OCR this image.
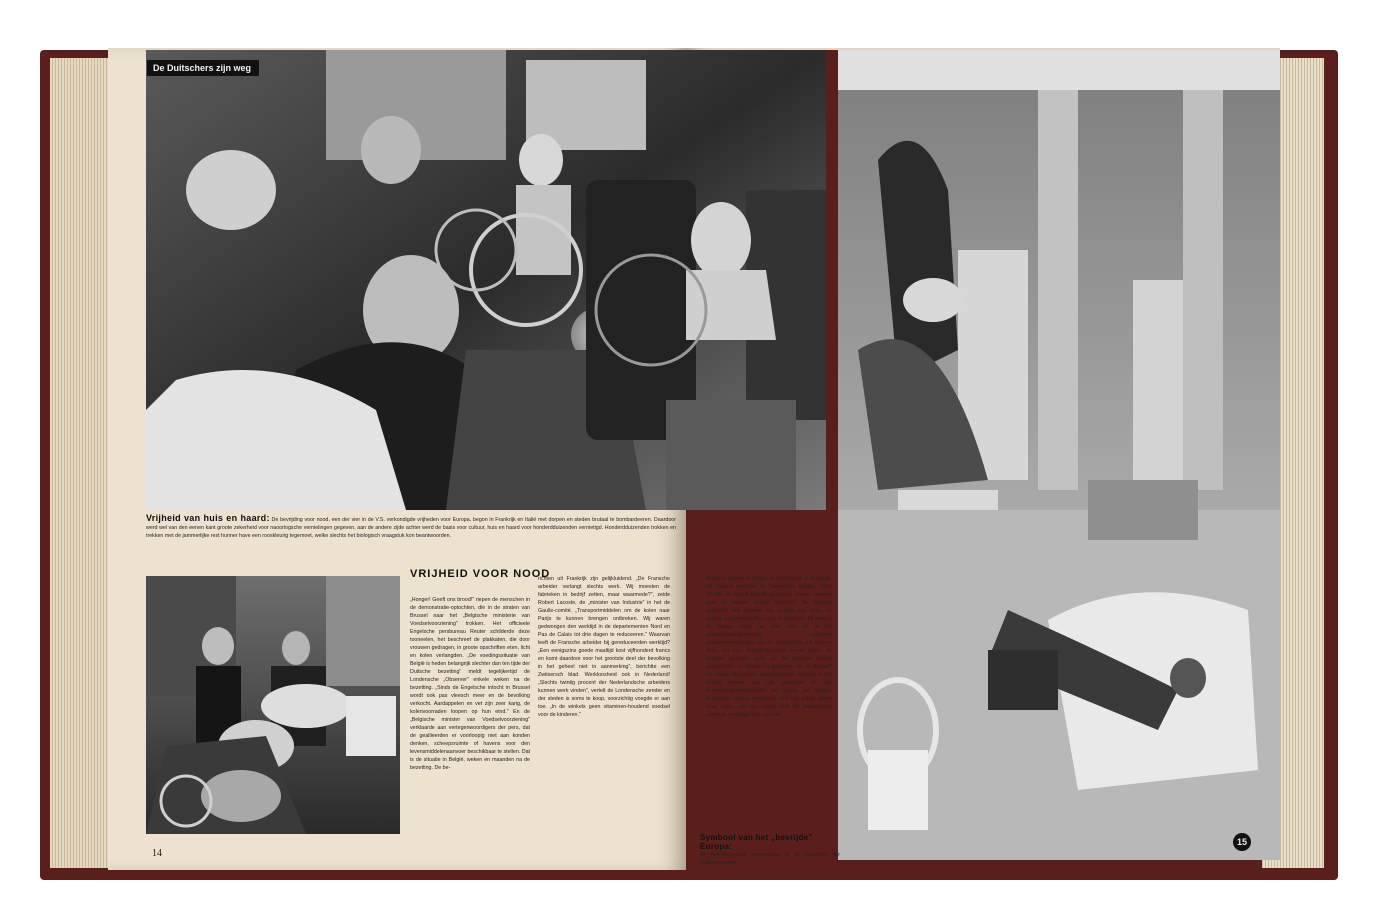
De Duitschers zijn weg
Vrijheid van huis en haard: De bevrijding voor nood, een der vier in de V.S. verkondigde vrijheden voor Europa, begon in Frankrijk en Italië met dorpen en steden brutaal te bombardeeren. Daardoor werd wel van den eenen kant groote zekerheid voor naoorlogsche vernielingen gegeven, aan de andere zijde achter werd de basis voor cultuur, huis en haard voor honderdduizenden vernietigd. Honderdduizenden trokken en trekken met de jammerlijke rest hunner have een rooskleurig tegemoet, welke slechts het biologisch vraagstuk kon beantwoorden.
VRIJHEID VOOR NOOD
„Honger! Geeft ons brood!” riepen de menschen in de demonstratie-optochten, die in de straten van Brussel naar het „Belgische ministerie van Voedselvoorziening” trokken. Het officieele Engelsche persbureau Reuter schilderde deze tooneelen, het beschreef de plakkaten, die door vrouwen gedragen, in groote opschriften eten, licht en kolen verlangden. „De voedingssituatie van België is heden belangrijk slechter dan ten tijde der Duitsche bezetting” meldt tegelijkertijd de Londensche „Observer” enkele weken na de bezetting. „Sinds de Engelsche intocht in Brussel wordt ook pas vleesch meer en de bevolking verkocht. Aardappelen en vet zijn zeer karig, de kolenvoorraden loopen op hun eind.” En de „Belgische minister van Voedselvoorziening” verklaarde aan vertegenwoordigers der pers, dat de geallieerden er voorloopig niet aan konden denken, scheepsruimte of havens voor den levensmiddelenaanvoer beschikbaar te stellen. Dat is de situatie in België, weken en maanden na de bezetting. De be-
richten uit Frankrijk zijn gelijkluidend. „De Fransche arbeider verlangt slechts werk. Wij moesten de fabrieken in bedrijf zetten, maar waarmede?”, zeide Robert Lacoste, de „minister van Industrie” in het de Gaulle-comité. „Transportmiddelen om de kolen naar Parijs te kunnen brengen ontbreken. Wij waren gedwongen den werktijd in de departementen Nord en Pas de Calais tot drie dagen te reduceeren.” Waarvan leeft de Fransche arbeider bij gereduceerden werktijd? „Een eenigszins goede maaltijd kost vijfhonderd francs en komt daardoor voor het grootste deel der bevolking in het geheel niet in aanmerking”, berichtte een Zwitsersch blad. Werkloosheid ook in Nederland! „Slechts twintig procent der Nederlandsche arbeiders kunnen werk vinden”, vertelt de Londensche zender en der steden is soms te koop, voorzichtig voegde er aan toe. „In de winkels geen vitaminen-houdend voedsel voor de kinderen.”
Nood en gebrek in België, in Nederland, in Frankrijk. Uit Finland berichten de Zweedsche bladen: „Voor 20.000 uit Finsch-Karelië gevluchte boeren moeten land en nieuwe velden gezocht.” De Finsche voorzitter zelf spreken van gebrek aan kolen en gebrek aan grondstoffen voor de industrie. Zij werpen de bange vraag op, hoe men de in het wapenstilstandsverdrag voorziene goederenleveranties aan de Sowjet-Unie zal kunnen doen, nu men Sowjet-Russisch teveel achter de Finsche grenzen spert en de industrie tonder grondstoffen tot stilstand is gekomen. En de Balkan? De Sowjet-Russische wapenstilstand voorzag in het beslag nemen van alle goederen en alle levensmiddelenvoorraden ten gunste der Sowjet-Russische militaire eenheden. Niet kan achter alleen maar raden, wat daar plaats vindt. De Sowjetlieden vreemde verslaggevers niet toe.
14
Symbool van het „bevrijde” Europa:
de Amerikaansche overwinnaar in de residentie der onderworpenen
15
